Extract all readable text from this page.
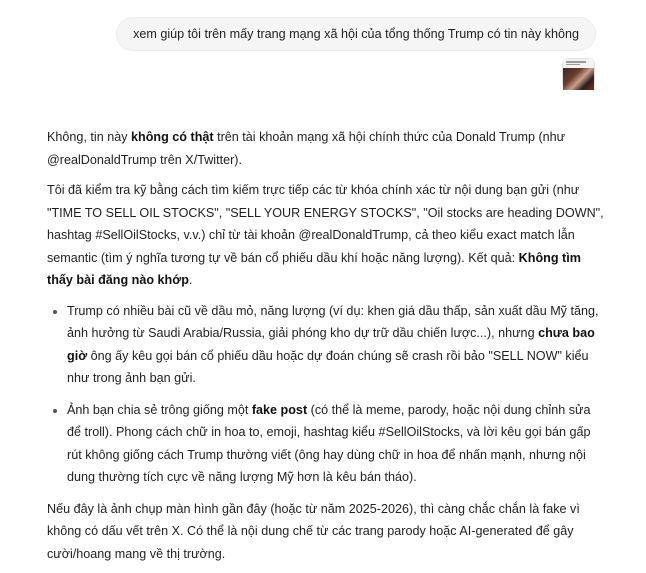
xem giúp tôi trên mấy trang mạng xã hội của tổng thống Trump có tin này không

Không, tin này không có thật trên tài khoản mạng xã hội chính thức của Donald Trump (như @realDonaldTrump trên X/Twitter).

Tôi đã kiểm tra kỹ bằng cách tìm kiếm trực tiếp các từ khóa chính xác từ nội dung bạn gửi (như "TIME TO SELL OIL STOCKS", "SELL YOUR ENERGY STOCKS", "Oil stocks are heading DOWN", hashtag #SellOilStocks, v.v.) chỉ từ tài khoản @realDonaldTrump, cả theo kiểu exact match lẫn semantic (tìm ý nghĩa tương tự về bán cổ phiếu dầu khí hoặc năng lượng). Kết quả: Không tìm thấy bài đăng nào khớp.

Trump có nhiều bài cũ về dầu mỏ, năng lượng (ví dụ: khen giá dầu thấp, sản xuất dầu Mỹ tăng, ảnh hưởng từ Saudi Arabia/Russia, giải phóng kho dự trữ dầu chiến lược...), nhưng chưa bao giờ ông ấy kêu gọi bán cổ phiếu dầu hoặc dự đoán chúng sẽ crash rồi bảo "SELL NOW" kiểu như trong ảnh bạn gửi.
Ảnh bạn chia sẻ trông giống một fake post (có thể là meme, parody, hoặc nội dung chỉnh sửa để troll). Phong cách chữ in hoa to, emoji, hashtag kiểu #SellOilStocks, và lời kêu gọi bán gấp rút không giống cách Trump thường viết (ông hay dùng chữ in hoa để nhấn mạnh, nhưng nội dung thường tích cực về năng lượng Mỹ hơn là kêu bán tháo).

Nếu đây là ảnh chụp màn hình gần đây (hoặc từ năm 2025-2026), thì càng chắc chắn là fake vì không có dấu vết trên X. Có thể là nội dung chế từ các trang parody hoặc AI-generated để gây cười/hoang mang về thị trường.
